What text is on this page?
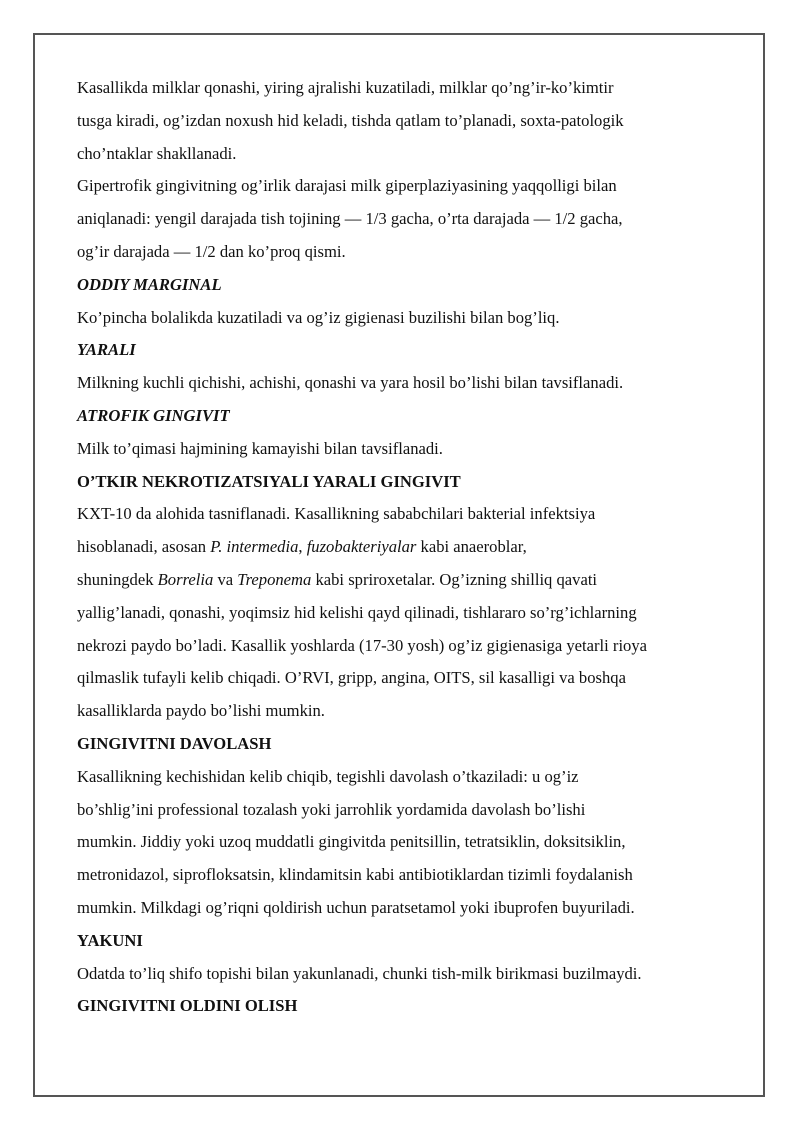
Kasallikda milklar qonashi, yiring ajralishi kuzatiladi, milklar qo’ng’ir-ko’kimtir
tusga kiradi, og’izdan noxush hid keladi, tishda qatlam to’planadi, soxta-patologik
cho’ntaklar shakllanadi.
Gipertrofik gingivitning og’irlik darajasi milk giperplaziyasining yaqqolligi bilan
aniqlanadi: yengil darajada tish tojining — 1/3 gacha, o’rta darajada — 1/2 gacha,
og’ir darajada — 1/2 dan ko’proq qismi.
ODDIY MARGINAL
Ko’pincha bolalikda kuzatiladi va og’iz gigienasi buzilishi bilan bog’liq.
YARALI
Milkning kuchli qichishi, achishi, qonashi va yara hosil bo’lishi bilan tavsiflanadi.
ATROFIK GINGIVIT
Milk to’qimasi hajmining kamayishi bilan tavsiflanadi.
O’TKIR NEKROTIZATSIYALI YARALI GINGIVIT
KXT-10 da alohida tasniflanadi. Kasallikning sababchilari bakterial infektsiya
hisoblanadi, asosan P. intermedia, fuzobakteriyalar kabi anaeroblar,
shuningdek Borrelia va Treponema kabi spriroxetalar. Og’izning shilliq qavati
yallig’lanadi, qonashi, yoqimsiz hid kelishi qayd qilinadi, tishlararo so’rg’ichlarning
nekrozi paydo bo’ladi. Kasallik yoshlarda (17-30 yosh) og’iz gigienasiga yetarli rioya
qilmaslik tufayli kelib chiqadi. O’RVI, gripp, angina, OITS, sil kasalligi va boshqa
kasalliklarda paydo bo’lishi mumkin.
GINGIVITNI DAVOLASH
Kasallikning kechishidan kelib chiqib, tegishli davolash o’tkaziladi: u og’iz
bo’shlig’ini professional tozalash yoki jarrohlik yordamida davolash bo’lishi
mumkin. Jiddiy yoki uzoq muddatli gingivitda penitsillin, tetratsiklin, doksitsiklin,
metronidazol, siprofloksatsin, klindamitsin kabi antibiotiklardan tizimli foydalanish
mumkin. Milkdagi og’riqni qoldirish uchun paratsetamol yoki ibuprofen buyuriladi.
YAKUNI
Odatda to’liq shifo topishi bilan yakunlanadi, chunki tish-milk birikmasi buzilmaydi.
GINGIVITNI OLDINI OLISH
